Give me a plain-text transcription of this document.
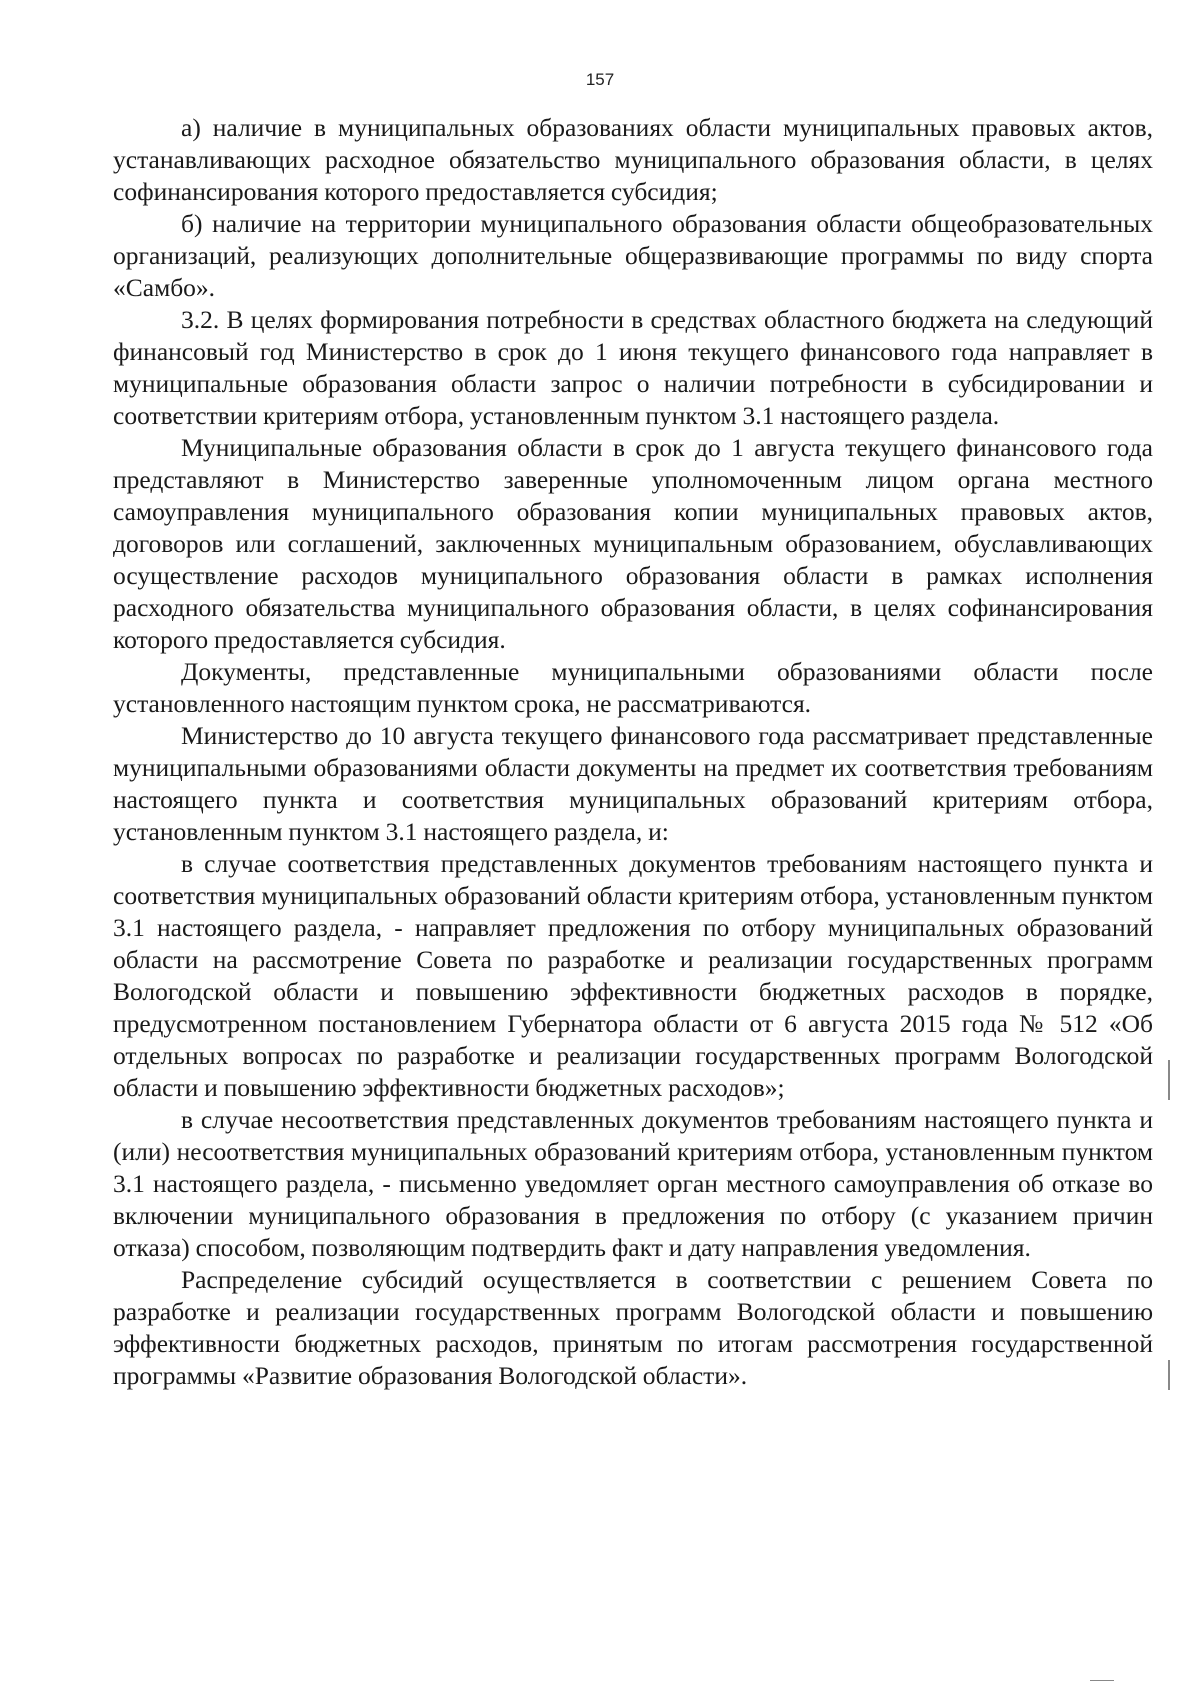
157

а) наличие в муниципальных образованиях области муниципальных правовых актов, устанавливающих расходное обязательство муниципального образования области, в целях софинансирования которого предоставляется субсидия;

б) наличие на территории муниципального образования области общеобразовательных организаций, реализующих дополнительные общеразвивающие программы по виду спорта «Самбо».

3.2. В целях формирования потребности в средствах областного бюджета на следующий финансовый год Министерство в срок до 1 июня текущего финансового года направляет в муниципальные образования области запрос о наличии потребности в субсидировании и соответствии критериям отбора, установленным пунктом 3.1 настоящего раздела.

Муниципальные образования области в срок до 1 августа текущего финансового года представляют в Министерство заверенные уполномоченным лицом органа местного самоуправления муниципального образования копии муниципальных правовых актов, договоров или соглашений, заключенных муниципальным образованием, обуславливающих осуществление расходов муниципального образования области в рамках исполнения расходного обязательства муниципального образования области, в целях софинансирования которого предоставляется субсидия.

Документы, представленные муниципальными образованиями области после установленного настоящим пунктом срока, не рассматриваются.

Министерство до 10 августа текущего финансового года рассматривает представленные муниципальными образованиями области документы на предмет их соответствия требованиям настоящего пункта и соответствия муниципальных образований критериям отбора, установленным пунктом 3.1 настоящего раздела, и:

в случае соответствия представленных документов требованиям настоящего пункта и соответствия муниципальных образований области критериям отбора, установленным пунктом 3.1 настоящего раздела, - направляет предложения по отбору муниципальных образований области на рассмотрение Совета по разработке и реализации государственных программ Вологодской области и повышению эффективности бюджетных расходов в порядке, предусмотренном постановлением Губернатора области от 6 августа 2015 года № 512 «Об отдельных вопросах по разработке и реализации государственных программ Вологодской области и повышению эффективности бюджетных расходов»;

в случае несоответствия представленных документов требованиям настоящего пункта и (или) несоответствия муниципальных образований критериям отбора, установленным пунктом 3.1 настоящего раздела, - письменно уведомляет орган местного самоуправления об отказе во включении муниципального образования в предложения по отбору (с указанием причин отказа) способом, позволяющим подтвердить факт и дату направления уведомления.

Распределение субсидий осуществляется в соответствии с решением Совета по разработке и реализации государственных программ Вологодской области и повышению эффективности бюджетных расходов, принятым по итогам рассмотрения государственной программы «Развитие образования Вологодской области».
